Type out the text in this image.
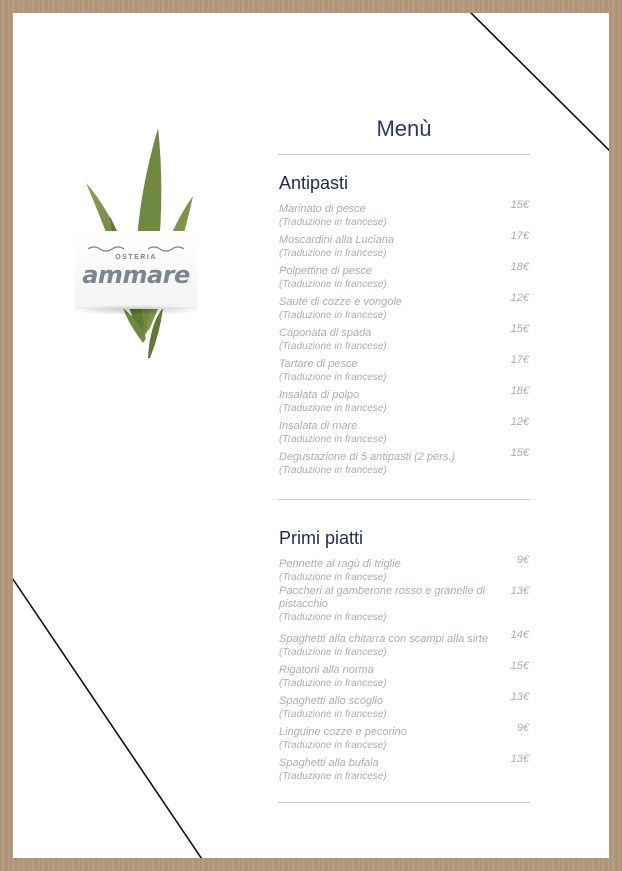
OSTERIA
ammare
Menù
Antipasti
Marinato di pesce	15€
(Traduzione in francese)
Moscardini alla Luciana	17€
(Traduzione in francese)
Polpettine di pesce	18€
(Traduzione in francese)
Sauté di cozze e vongole	12€
(Traduzione in francese)
Caponata di spada	15€
(Traduzione in francese)
Tartare di pesce	17€
(Traduzione in francese)
Insalata di polpo	18€
(Traduzione in francese)
Insalata di mare	12€
(Traduzione in francese)
Degustazione di 5 antipasti (2 pers.)	15€
(Traduzione in francese)
Primi piatti
Pennette al ragù di triglie	9€
(Traduzione in francese)
Paccheri al gamberone rosso e granelle di pistacchio
13€
(Traduzione in francese)
Spaghetti alla chitarra con scampi alla sirte 14€
(Traduzione in francese)
Rigatoni alla norma	15€
(Traduzione in francese)
Spaghetti allo scoglio	13€
(Traduzione in francese)
Linguine cozze e pecorino	9€
(Traduzione in francese)
Spaghetti alla bufala	13€
(Traduzione in francese)
